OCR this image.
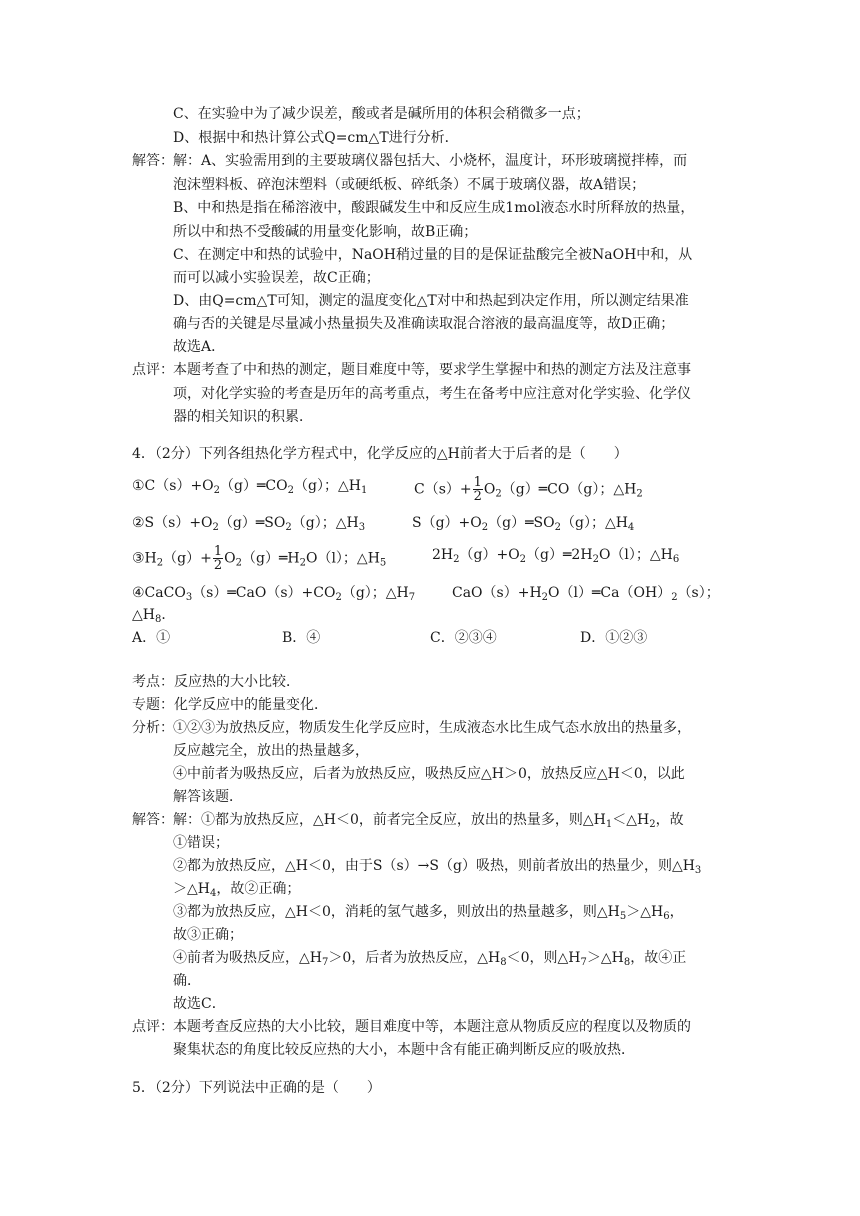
C、在实验中为了减少误差，酸或者是碱所用的体积会稍微多一点；
D、根据中和热计算公式Q=cm△T进行分析．
解答： 解：A、实验需用到的主要玻璃仪器包括大、小烧杯，温度计，环形玻璃搅拌棒，而
泡沫塑料板、碎泡沫塑料（或硬纸板、碎纸条）不属于玻璃仪器，故A错误；
B、中和热是指在稀溶液中，酸跟碱发生中和反应生成1mol液态水时所释放的热量，
所以中和热不受酸碱的用量变化影响，故B正确；
C、在测定中和热的试验中，NaOH稍过量的目的是保证盐酸完全被NaOH中和，从
而可以减小实验误差，故C正确；
D、由Q=cm△T可知，测定的温度变化△T对中和热起到决定作用，所以测定结果准
确与否的关键是尽量减小热量损失及准确读取混合溶液的最高温度等，故D正确；
故选A．
点评： 本题考查了中和热的测定，题目难度中等，要求学生掌握中和热的测定方法及注意事
项，对化学实验的考查是历年的高考重点，考生在备考中应注意对化学实验、化学仪
器的相关知识的积累．
4．（2分）下列各组热化学方程式中，化学反应的△H前者大于后者的是（　　）
$①C(s)+O_2(g)═CO_2(g)$；$\triangle H_1$	$C(s)+ \frac{1}{2}$ $O_2(g)═CO(g)$；$\triangle H_2$
$②S(s)+O_2(g)═SO_2(g)$；$\triangle H_3$	$S(g)+O_2(g)═SO_2(g)$；$\triangle H_4$
$③H_2(g)+ \frac{1}{2}$ $O_2(g)═H_2O(l)$；$\triangle H_5$	$2H_2(g)+O_2(g)═2H_2O(l)$；$\triangle H_6$
$④CaCO_3(s)═CaO(s)+CO_2(g)$；$\triangle H_7$	$CaO(s)+H_2O(l)═Ca(OH)_2(s)$；
$\triangle H_8$．
A．①	B．④	C．②③④	D．①②③
考点：反应热的大小比较．
专题：化学反应中的能量变化．
分析： ①②③为放热反应，物质发生化学反应时，生成液态水比生成气态水放出的热量多，
反应越完全，放出的热量越多，
④中前者为吸热反应，后者为放热反应，吸热反应△H＞0，放热反应△H＜0，以此
解答该题．
解答： 解：①都为放热反应，△H＜0，前者完全反应，放出的热量多，则$\triangle H_1<\triangle H_2$，故
①错误；
②都为放热反应，△H＜0，由于S（s）→S（g）吸热，则前者放出的热量少，则$\triangle H_3$
$>\triangle H_4$，故②正确；
③都为放热反应，△H＜0，消耗的氢气越多，则放出的热量越多，则$\triangle H_5>\triangle H_6$，
故③正确；
④前者为吸热反应，$\triangle H_7>0$，后者为放热反应，$\triangle H_8<0$，则$\triangle H_7>\triangle H_8$，故④正
确．
故选C．
点评： 本题考查反应热的大小比较，题目难度中等，本题注意从物质反应的程度以及物质的
聚集状态的角度比较反应热的大小，本题中含有能正确判断反应的吸放热．
5．（2分）下列说法中正确的是（　　）
